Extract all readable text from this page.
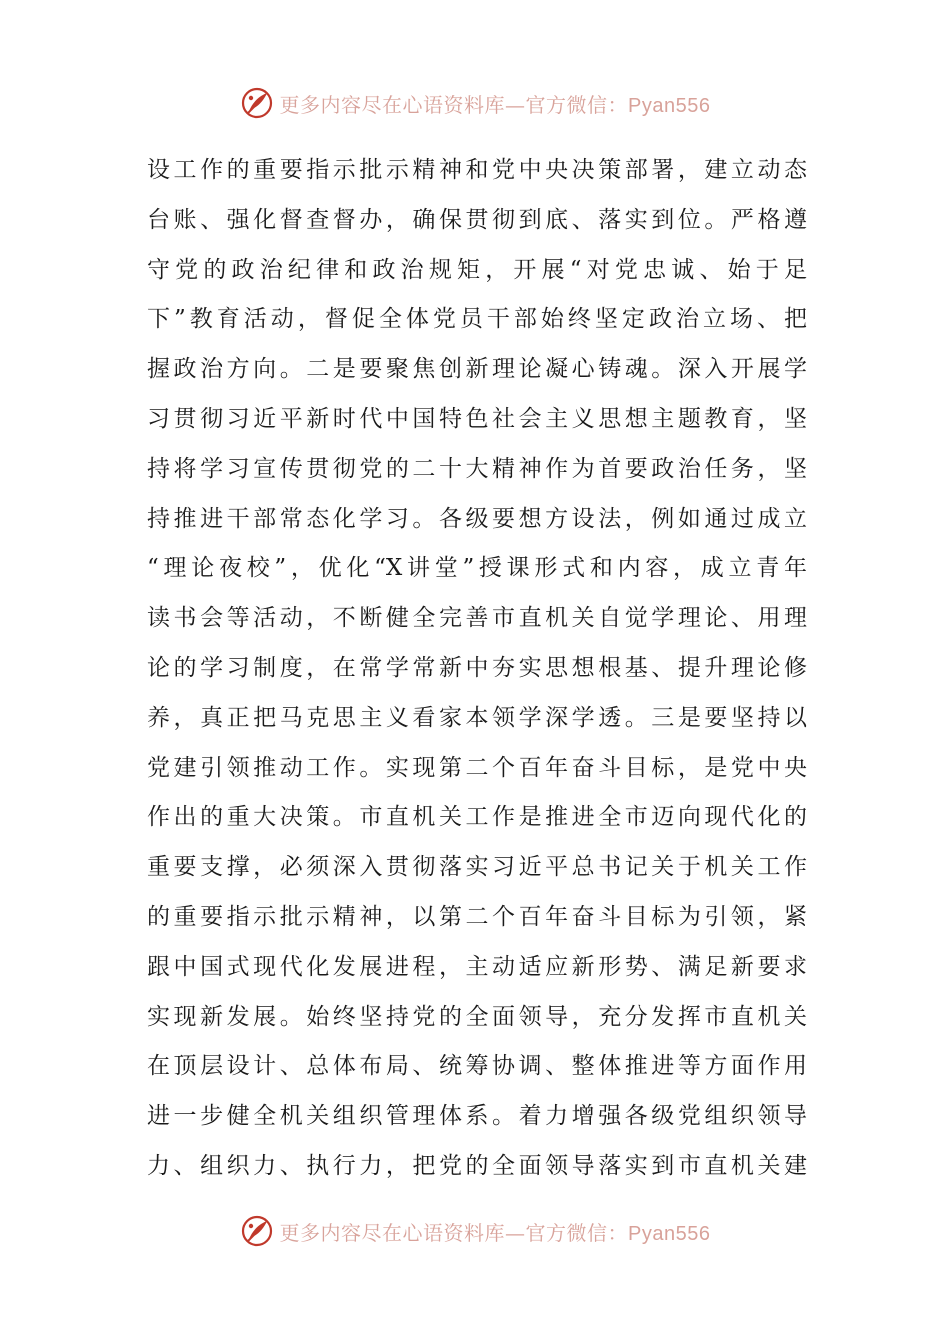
更多内容尽在心语资料库—官方微信：Pyan556
设工作的重要指示批示精神和党中央决策部署，建立动态
台账、强化督查督办，确保贯彻到底、落实到位。严格遵
守党的政治纪律和政治规矩，开展“对党忠诚、始于足
下”教育活动，督促全体党员干部始终坚定政治立场、把
握政治方向。二是要聚焦创新理论凝心铸魂。深入开展学
习贯彻习近平新时代中国特色社会主义思想主题教育，坚
持将学习宣传贯彻党的二十大精神作为首要政治任务，坚
持推进干部常态化学习。各级要想方设法，例如通过成立
“理论夜校”，优化“X讲堂”授课形式和内容，成立青年
读书会等活动，不断健全完善市直机关自觉学理论、用理
论的学习制度，在常学常新中夯实思想根基、提升理论修
养，真正把马克思主义看家本领学深学透。三是要坚持以
党建引领推动工作。实现第二个百年奋斗目标，是党中央
作出的重大决策。市直机关工作是推进全市迈向现代化的
重要支撑，必须深入贯彻落实习近平总书记关于机关工作
的重要指示批示精神，以第二个百年奋斗目标为引领，紧
跟中国式现代化发展进程，主动适应新形势、满足新要求
实现新发展。始终坚持党的全面领导，充分发挥市直机关
在顶层设计、总体布局、统筹协调、整体推进等方面作用
进一步健全机关组织管理体系。着力增强各级党组织领导
力、组织力、执行力，把党的全面领导落实到市直机关建
更多内容尽在心语资料库—官方微信：Pyan556
